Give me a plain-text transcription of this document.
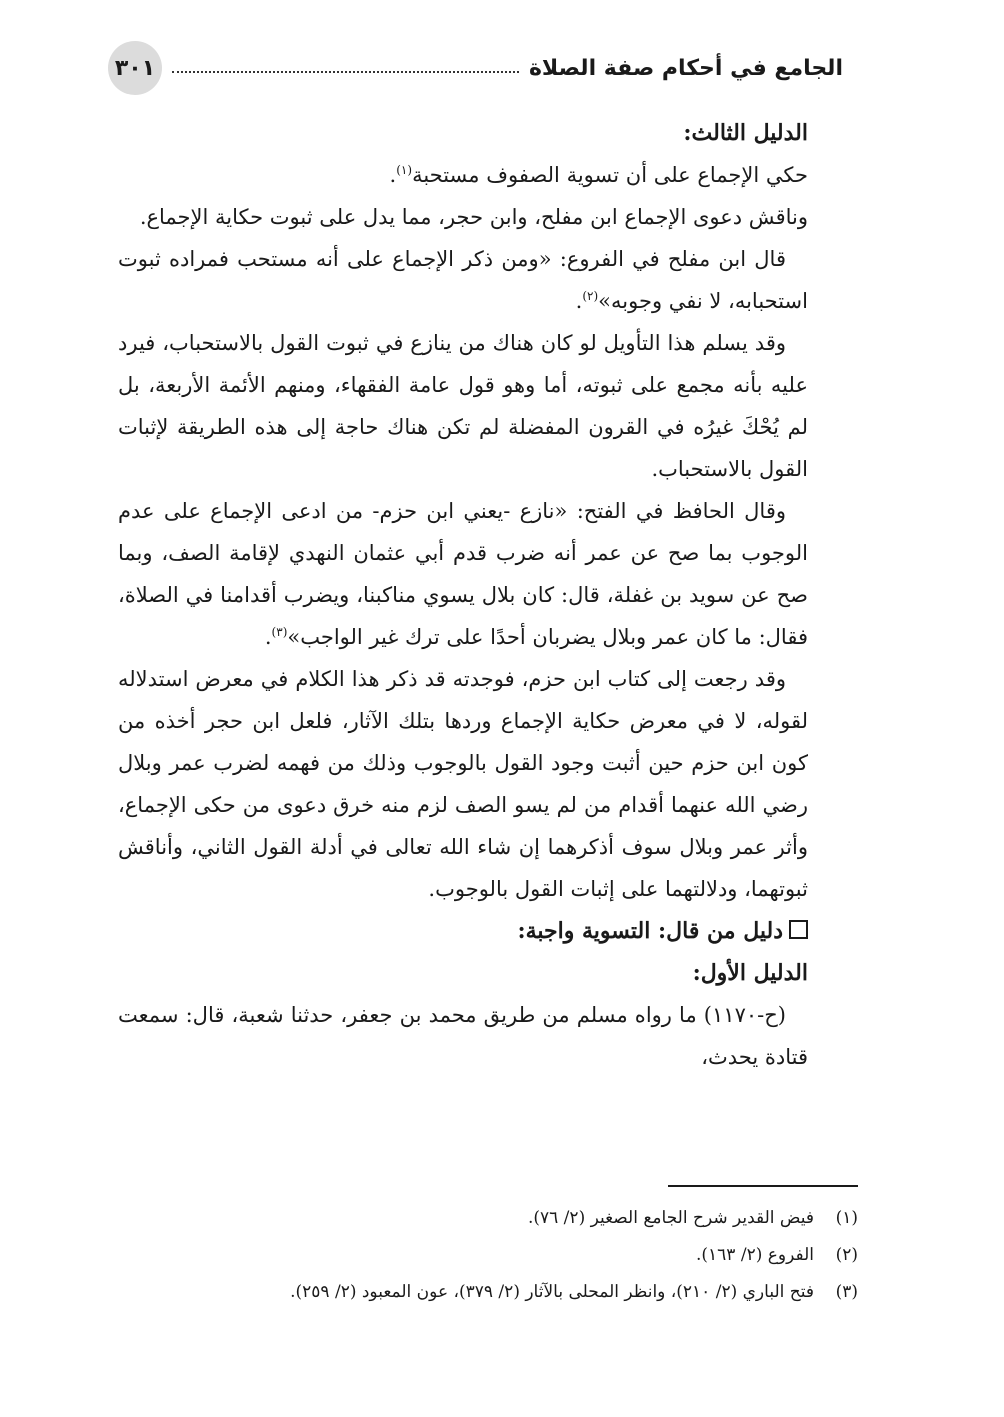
الجامع في أحكام صفة الصلاة
٣٠١

الدليل الثالث:

حكي الإجماع على أن تسوية الصفوف مستحبة$^{(١)}$.

وناقش دعوى الإجماع ابن مفلح، وابن حجر، مما يدل على ثبوت حكاية الإجماع.

قال ابن مفلح في الفروع: «ومن ذكر الإجماع على أنه مستحب فمراده ثبوت استحبابه، لا نفي وجوبه»$^{(٢)}$.

وقد يسلم هذا التأويل لو كان هناك من ينازع في ثبوت القول بالاستحباب، فيرد عليه بأنه مجمع على ثبوته، أما وهو قول عامة الفقهاء، ومنهم الأئمة الأربعة، بل لم يُحْكَ غيرُه في القرون المفضلة لم تكن هناك حاجة إلى هذه الطريقة لإثبات القول بالاستحباب.

وقال الحافظ في الفتح: «نازع -يعني ابن حزم- من ادعى الإجماع على عدم الوجوب بما صح عن عمر أنه ضرب قدم أبي عثمان النهدي لإقامة الصف، وبما صح عن سويد بن غفلة، قال: كان بلال يسوي مناكبنا، ويضرب أقدامنا في الصلاة، فقال: ما كان عمر وبلال يضربان أحدًا على ترك غير الواجب»$^{(٣)}$.

وقد رجعت إلى كتاب ابن حزم، فوجدته قد ذكر هذا الكلام في معرض استدلاله لقوله، لا في معرض حكاية الإجماع وردها بتلك الآثار، فلعل ابن حجر أخذه من كون ابن حزم حين أثبت وجود القول بالوجوب وذلك من فهمه لضرب عمر وبلال رضي الله عنهما أقدام من لم يسو الصف لزم منه خرق دعوى من حكى الإجماع، وأثر عمر وبلال سوف أذكرهما إن شاء الله تعالى في أدلة القول الثاني، وأناقش ثبوتهما، ودلالتهما على إثبات القول بالوجوب.

دليل من قال: التسوية واجبة:

الدليل الأول:

(ح-١١٧٠) ما رواه مسلم من طريق محمد بن جعفر، حدثنا شعبة، قال: سمعت قتادة يحدث،

(١)فيض القدير شرح الجامع الصغير (٢/ ٧٦).

(٢)الفروع (٢/ ١٦٣).

(٣)فتح الباري (٢/ ٢١٠)، وانظر المحلى بالآثار (٢/ ٣٧٩)، عون المعبود (٢/ ٢٥٩).
